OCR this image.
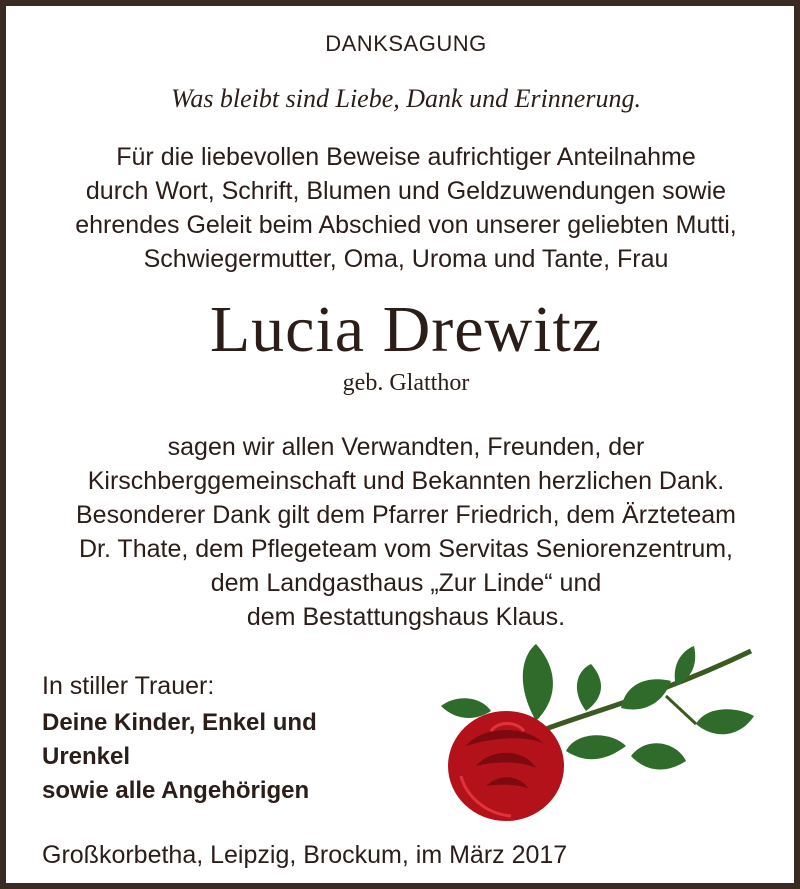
DANKSAGUNG
Was bleibt sind Liebe, Dank und Erinnerung.
Für die liebevollen Beweise aufrichtiger Anteilnahme
durch Wort, Schrift, Blumen und Geldzuwendungen sowie
ehrendes Geleit beim Abschied von unserer geliebten Mutti,
Schwiegermutter, Oma, Uroma und Tante, Frau
Lucia Drewitz
geb. Glatthor
sagen wir allen Verwandten, Freunden, der
Kirschberggemeinschaft und Bekannten herzlichen Dank.
Besonderer Dank gilt dem Pfarrer Friedrich, dem Ärzteteam
Dr. Thate, dem Pflegeteam vom Servitas Seniorenzentrum,
dem Landgasthaus „Zur Linde“ und
dem Bestattungshaus Klaus.
In stiller Trauer:
Deine Kinder, Enkel und
Urenkel
sowie alle Angehörigen
Großkorbetha, Leipzig, Brockum, im März 2017
